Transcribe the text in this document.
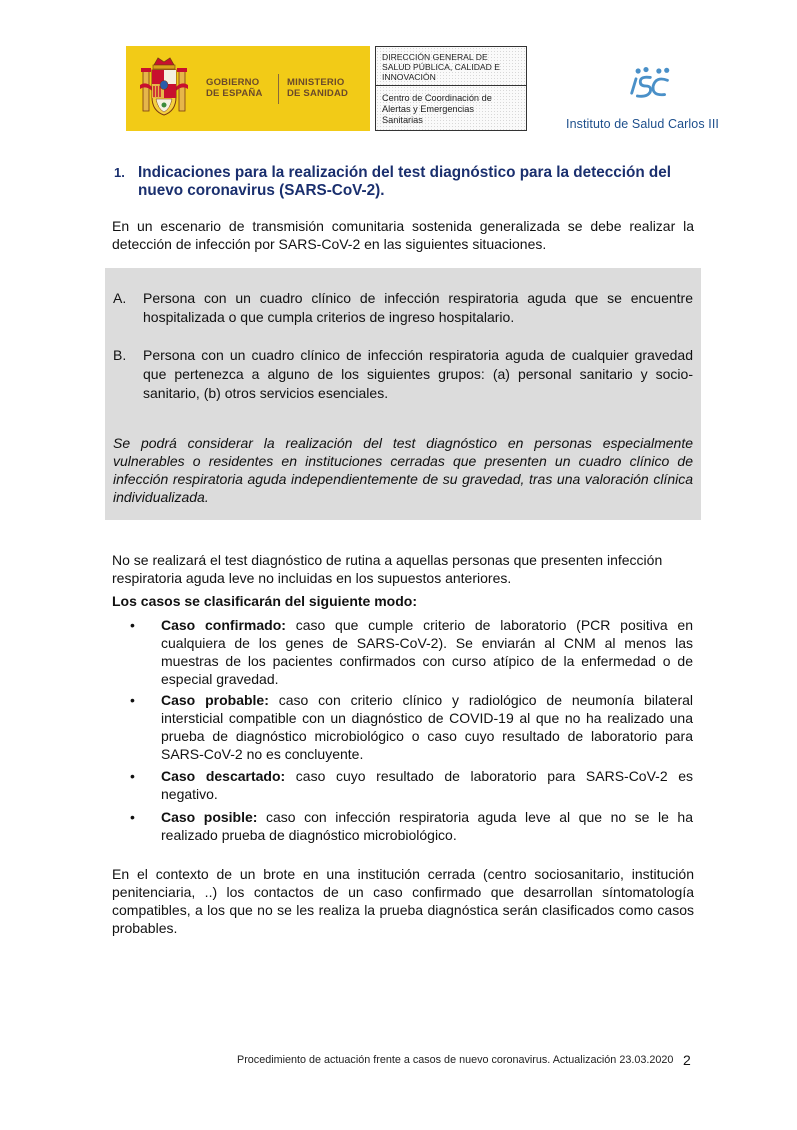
GOBIERNO
DE ESPAÑA
MINISTERIO
DE SANIDAD
DIRECCIÓN GENERAL DE
SALUD PÚBLICA, CALIDAD E
INNOVACIÓN
Centro de Coordinación de
Alertas y Emergencias
Sanitarias	Instituto de Salud Carlos III
1. Indicaciones para la realización del test diagnóstico para la detección del
nuevo coronavirus (SARS-CoV-2).
En un escenario de transmisión comunitaria sostenida generalizada se debe realizar la detección de infección por SARS-CoV-2 en las siguientes situaciones.
A. Persona con un cuadro clínico de infección respiratoria aguda que se encuentre hospitalizada o que cumpla criterios de ingreso hospitalario.
B. Persona con un cuadro clínico de infección respiratoria aguda de cualquier gravedad que pertenezca a alguno de los siguientes grupos: (a) personal sanitario y socio-sanitario, (b) otros servicios esenciales.
Se podrá considerar la realización del test diagnóstico en personas especialmente vulnerables o residentes en instituciones cerradas que presenten un cuadro clínico de infección respiratoria aguda independientemente de su gravedad, tras una valoración clínica individualizada.
No se realizará el test diagnóstico de rutina a aquellas personas que presenten infección respiratoria aguda leve no incluidas en los supuestos anteriores.
Los casos se clasificarán del siguiente modo:
• Caso confirmado: caso que cumple criterio de laboratorio (PCR positiva en cualquiera de los genes de SARS-CoV-2). Se enviarán al CNM al menos las muestras de los pacientes confirmados con curso atípico de la enfermedad o de especial gravedad.
• Caso probable: caso con criterio clínico y radiológico de neumonía bilateral intersticial compatible con un diagnóstico de COVID-19 al que no ha realizado una prueba de diagnóstico microbiológico o caso cuyo resultado de laboratorio para SARS-CoV-2 no es concluyente.
• Caso descartado: caso cuyo resultado de laboratorio para SARS-CoV-2 es negativo.
• Caso posible: caso con infección respiratoria aguda leve al que no se le ha realizado prueba de diagnóstico microbiológico.
En el contexto de un brote en una institución cerrada (centro sociosanitario, institución penitenciaria, ..) los contactos de un caso confirmado que desarrollan síntomatología compatibles, a los que no se les realiza la prueba diagnóstica serán clasificados como casos probables.
Procedimiento de actuación frente a casos de nuevo coronavirus. Actualización 23.03.2020 2
